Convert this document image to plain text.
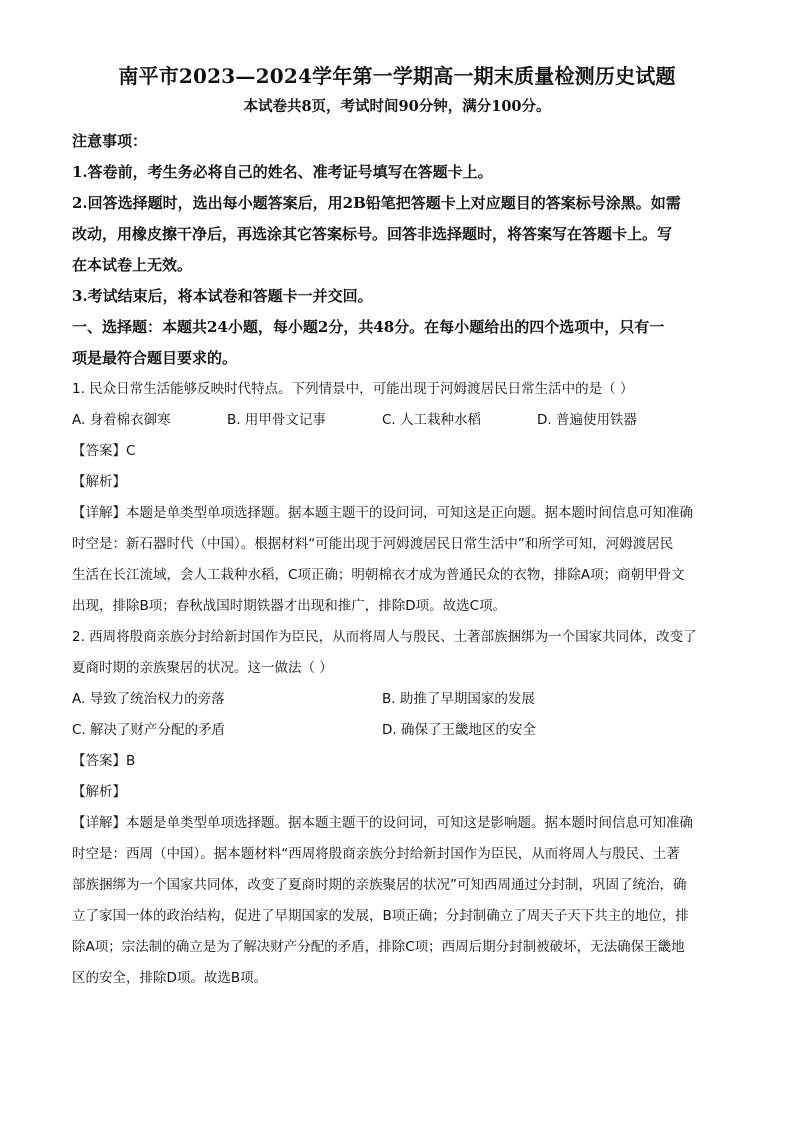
南平市2023—2024学年第一学期高一期末质量检测历史试题
本试卷共8页，考试时间90分钟，满分100分。
注意事项：
1.答卷前，考生务必将自己的姓名、准考证号填写在答题卡上。
2.回答选择题时，选出每小题答案后，用2B铅笔把答题卡上对应题目的答案标号涂黑。如需
改动，用橡皮擦干净后，再选涂其它答案标号。回答非选择题时，将答案写在答题卡上。写
在本试卷上无效。
3.考试结束后，将本试卷和答题卡一并交回。
一、选择题：本题共24小题，每小题2分，共48分。在每小题给出的四个选项中，只有一
项是最符合题目要求的。
1. 民众日常生活能够反映时代特点。下列情景中，可能出现于河姆渡居民日常生活中的是（ ）
A. 身着棉衣御寒	B. 用甲骨文记事	C. 人工栽种水稻	D. 普遍使用铁器
【答案】C
【解析】
【详解】本题是单类型单项选择题。据本题主题干的设问词，可知这是正向题。据本题时间信息可知准确
时空是：新石器时代（中国）。根据材料“可能出现于河姆渡居民日常生活中”和所学可知，河姆渡居民
生活在长江流域，会人工栽种水稻，C项正确；明朝棉衣才成为普通民众的衣物，排除A项；商朝甲骨文
出现，排除B项；春秋战国时期铁器才出现和推广，排除D项。故选C项。
2. 西周将殷商亲族分封给新封国作为臣民，从而将周人与殷民、土著部族捆绑为一个国家共同体，改变了
夏商时期的亲族聚居的状况。这一做法（ ）
A. 导致了统治权力的旁落	B. 助推了早期国家的发展
C. 解决了财产分配的矛盾	D. 确保了王畿地区的安全
【答案】B
【解析】
【详解】本题是单类型单项选择题。据本题主题干的设问词，可知这是影响题。据本题时间信息可知准确
时空是：西周（中国）。据本题材料“西周将殷商亲族分封给新封国作为臣民，从而将周人与殷民、土著
部族捆绑为一个国家共同体，改变了夏商时期的亲族聚居的状况”可知西周通过分封制，巩固了统治，确
立了家国一体的政治结构，促进了早期国家的发展，B项正确；分封制确立了周天子天下共主的地位，排
除A项；宗法制的确立是为了解决财产分配的矛盾，排除C项；西周后期分封制被破坏，无法确保王畿地
区的安全，排除D项。故选B项。
